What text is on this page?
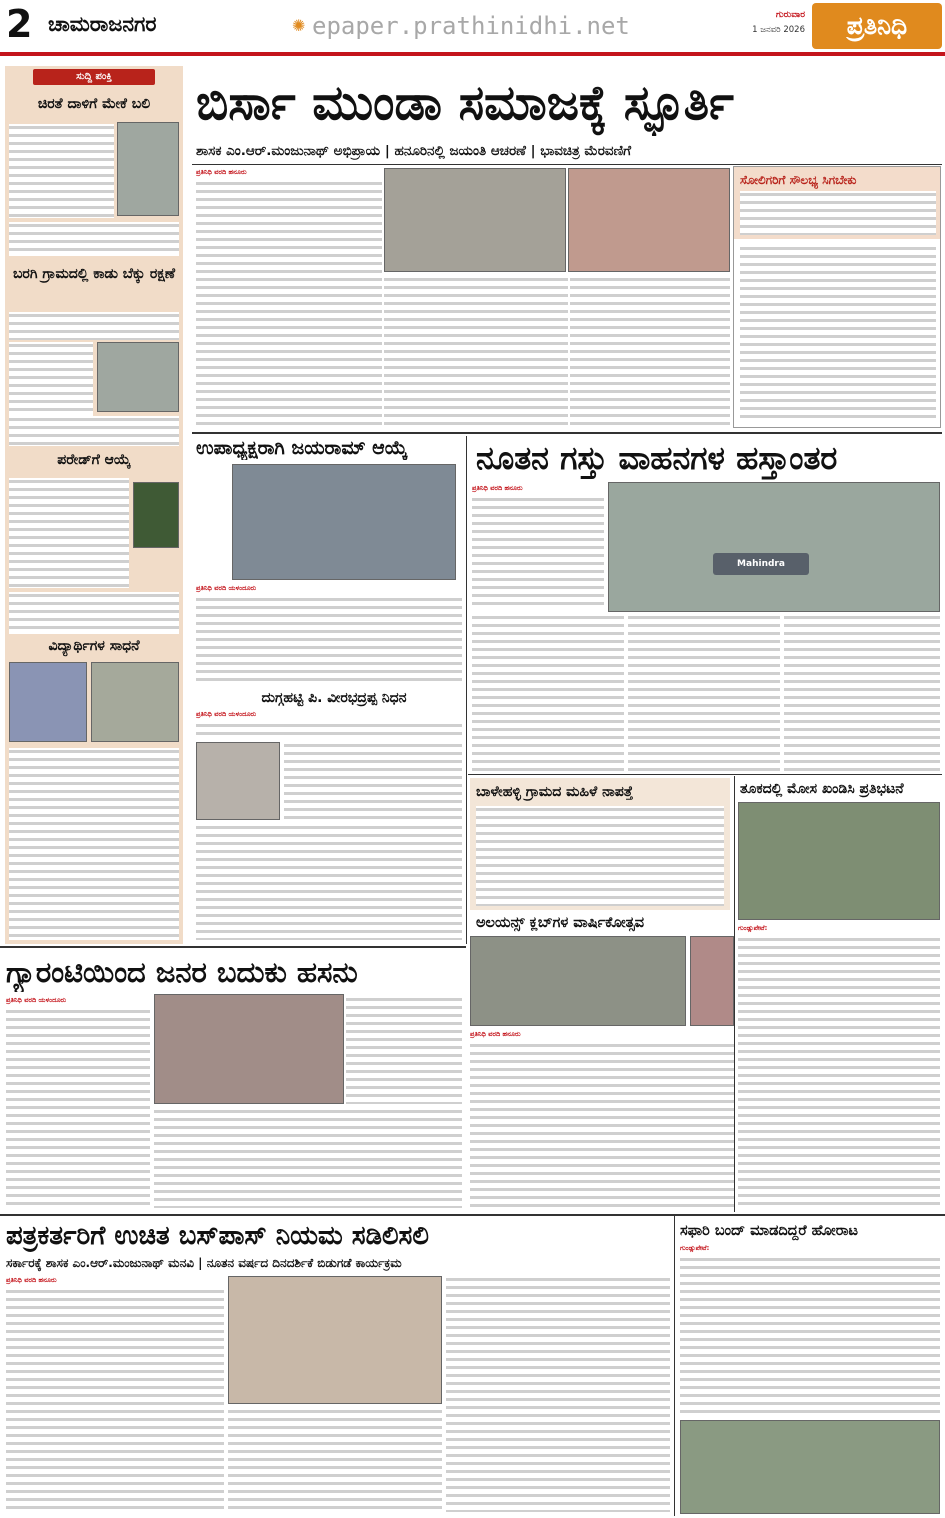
2 ಚಾಮರಾಜನಗರ	✺ epaper.prathinidhi.net	ಗುರುವಾರ
1 ಜನವರಿ 2026	ಪ್ರತಿನಿಧಿ
ಸುದ್ದಿ ಪಂಕ್ತಿ
ಚಿರತೆ ದಾಳಿಗೆ ಮೇಕೆ ಬಲಿ
ಬರಗಿ ಗ್ರಾಮದಲ್ಲಿ ಕಾಡು ಬೆಕ್ಕು ರಕ್ಷಣೆ
ಪರೇಡ್‌ಗೆ ಆಯ್ಕೆ
ವಿದ್ಯಾರ್ಥಿಗಳ ಸಾಧನೆ
ಬಿರ್ಸಾ ಮುಂಡಾ ಸಮಾಜಕ್ಕೆ ಸ್ಫೂರ್ತಿ
ಶಾಸಕ ಎಂ.ಆರ್.ಮಂಜುನಾಥ್ ಅಭಿಪ್ರಾಯ | ಹನೂರಿನಲ್ಲಿ ಜಯಂತಿ ಆಚರಣೆ | ಭಾವಚಿತ್ರ ಮೆರವಣಿಗೆ
ಪ್ರತಿನಿಧಿ ವರದಿ ಹನೂರು
ಸೋಲಿಗರಿಗೆ ಸೌಲಭ್ಯ ಸಿಗಬೇಕು
ಉಪಾಧ್ಯಕ್ಷರಾಗಿ ಜಯರಾಮ್ ಆಯ್ಕೆ
ಪ್ರತಿನಿಧಿ ವರದಿ ಯಳಂದೂರು
ದುಗ್ಗಹಟ್ಟಿ ಪಿ. ವೀರಭದ್ರಪ್ಪ ನಿಧನ
ಪ್ರತಿನಿಧಿ ವರದಿ ಯಳಂದೂರು
ನೂತನ ಗಸ್ತು ವಾಹನಗಳ ಹಸ್ತಾಂತರ
ಪ್ರತಿನಿಧಿ ವರದಿ ಹನೂರು
Mahindra
ಬಾಳೇಹಳ್ಳಿ ಗ್ರಾಮದ ಮಹಿಳೆ ನಾಪತ್ತೆ
ಅಲಯನ್ಸ್ ಕ್ಲಬ್‌ಗಳ ವಾರ್ಷಿಕೋತ್ಸವ
ಪ್ರತಿನಿಧಿ ವರದಿ ಹನೂರು
ತೂಕದಲ್ಲಿ ಮೋಸ ಖಂಡಿಸಿ ಪ್ರತಿಭಟನೆ
ಗುಂಡ್ಲುಪೇಟೆ:
ಗ್ಯಾರಂಟಿಯಿಂದ ಜನರ ಬದುಕು ಹಸನು
ಪ್ರತಿನಿಧಿ ವರದಿ ಯಳಂದೂರು
ಪತ್ರಕರ್ತರಿಗೆ ಉಚಿತ ಬಸ್‌ಪಾಸ್ ನಿಯಮ ಸಡಿಲಿಸಲಿ
ಸರ್ಕಾರಕ್ಕೆ ಶಾಸಕ ಎಂ.ಆರ್.ಮಂಜುನಾಥ್ ಮನವಿ | ನೂತನ ವರ್ಷದ ದಿನದರ್ಶಿಕೆ ಬಿಡುಗಡೆ ಕಾರ್ಯಕ್ರಮ
ಪ್ರತಿನಿಧಿ ವರದಿ ಹನೂರು
ಸಫಾರಿ ಬಂದ್ ಮಾಡದಿದ್ದರೆ ಹೋರಾಟ
ಗುಂಡ್ಲುಪೇಟೆ:
